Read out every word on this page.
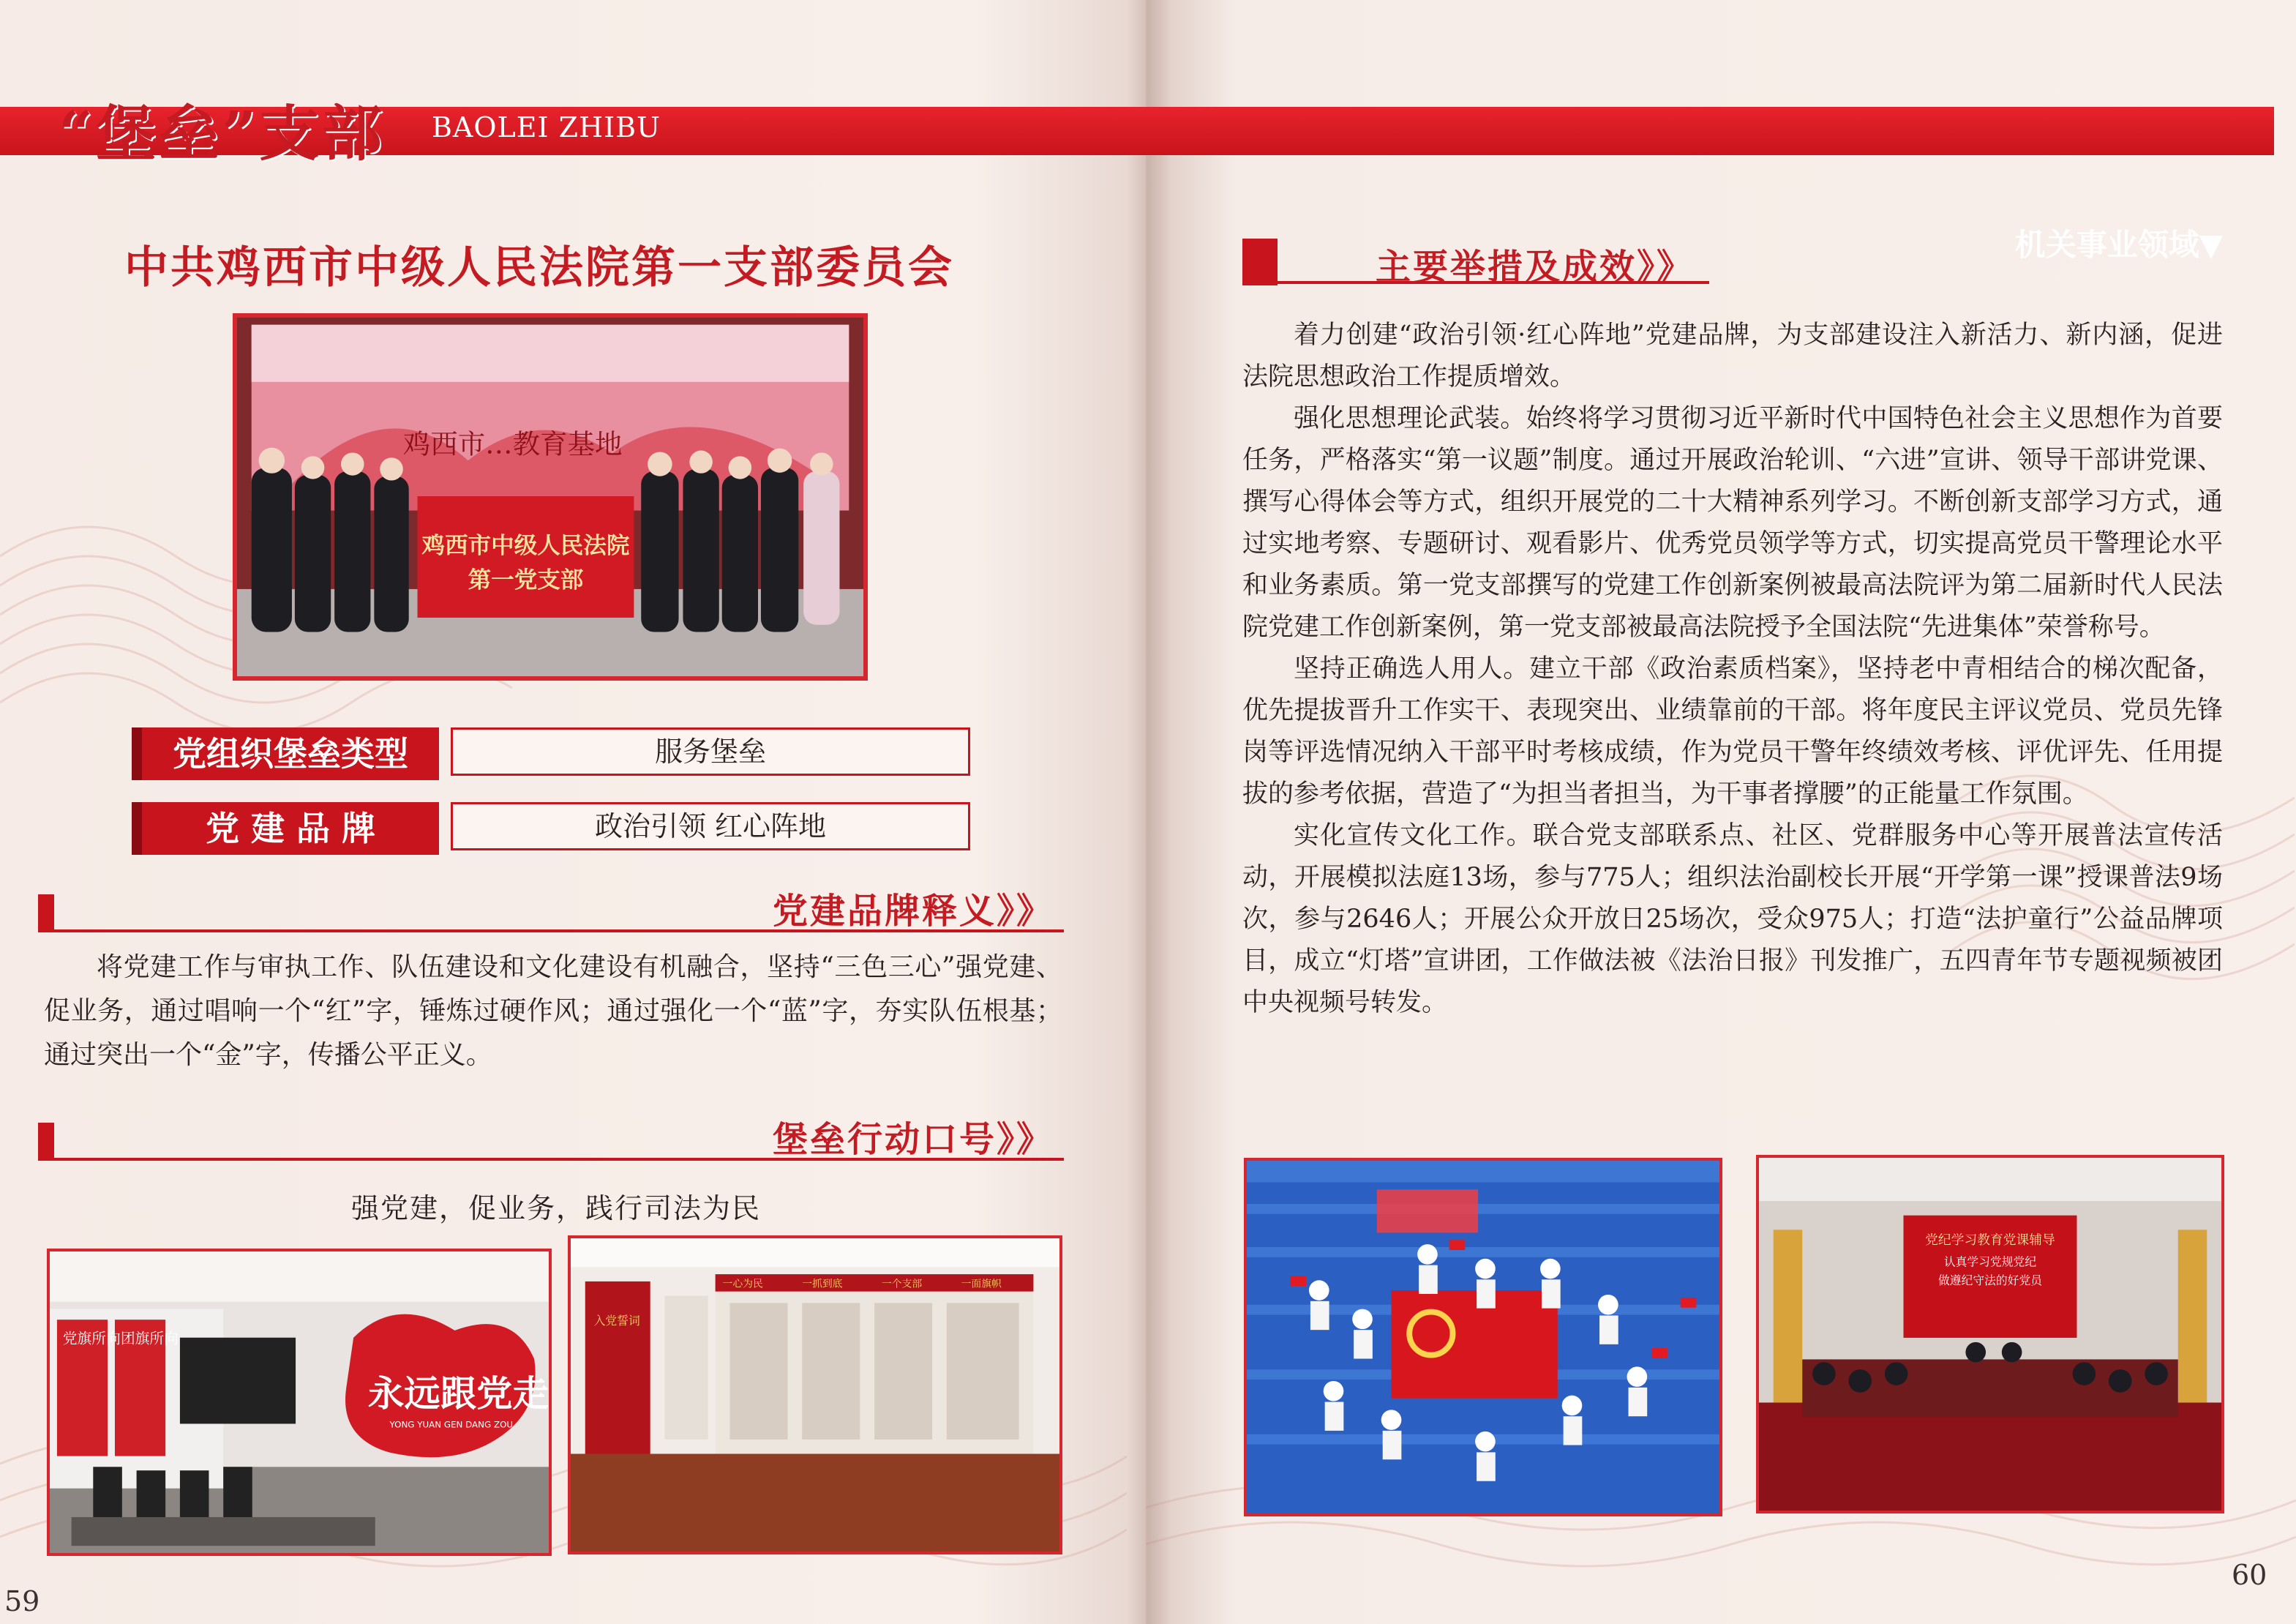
“堡垒”支部 BAOLEI ZHIBU
机关事业领域▼
中共鸡西市中级人民法院第一支部委员会
鸡西市…教育基地
鸡西市中级人民法院
第一党支部
党组织堡垒类型	服务堡垒
党 建 品 牌	政治引领 红心阵地
党建品牌释义》》

将党建工作与审执工作、队伍建设和文化建设有机融合，坚持“三色三心”强党建、促业务，通过唱响一个“红”字，锤炼过硬作风；通过强化一个“蓝”字，夯实队伍根基；通过突出一个“金”字，传播公平正义。

堡垒行动口号》》
强党建，促业务，践行司法为民
党旗所向 团旗所向
永远跟党走
YONG YUAN GEN DANG ZOU
入党誓词
一心为民	一抓到底	一个支部	一面旗帜
59
主要举措及成效》》

着力创建“政治引领·红心阵地”党建品牌，为支部建设注入新活力、新内涵，促进法院思想政治工作提质增效。

强化思想理论武装。始终将学习贯彻习近平新时代中国特色社会主义思想作为首要任务，严格落实“第一议题”制度。通过开展政治轮训、“六进”宣讲、领导干部讲党课、撰写心得体会等方式，组织开展党的二十大精神系列学习。不断创新支部学习方式，通过实地考察、专题研讨、观看影片、优秀党员领学等方式，切实提高党员干警理论水平和业务素质。第一党支部撰写的党建工作创新案例被最高法院评为第二届新时代人民法院党建工作创新案例，第一党支部被最高法院授予全国法院“先进集体”荣誉称号。

坚持正确选人用人。建立干部《政治素质档案》，坚持老中青相结合的梯次配备，优先提拔晋升工作实干、表现突出、业绩靠前的干部。将年度民主评议党员、党员先锋岗等评选情况纳入干部平时考核成绩，作为党员干警年终绩效考核、评优评先、任用提拔的参考依据，营造了“为担当者担当，为干事者撑腰”的正能量工作氛围。

实化宣传文化工作。联合党支部联系点、社区、党群服务中心等开展普法宣传活动，开展模拟法庭13场，参与775人；组织法治副校长开展“开学第一课”授课普法9场次，参与2646人；开展公众开放日25场次，受众975人；打造“法护童行”公益品牌项目，成立“灯塔”宣讲团，工作做法被《法治日报》刊发推广，五四青年节专题视频被团中央视频号转发。

党纪学习教育党课辅导
认真学习党规党纪
做遵纪守法的好党员
60
